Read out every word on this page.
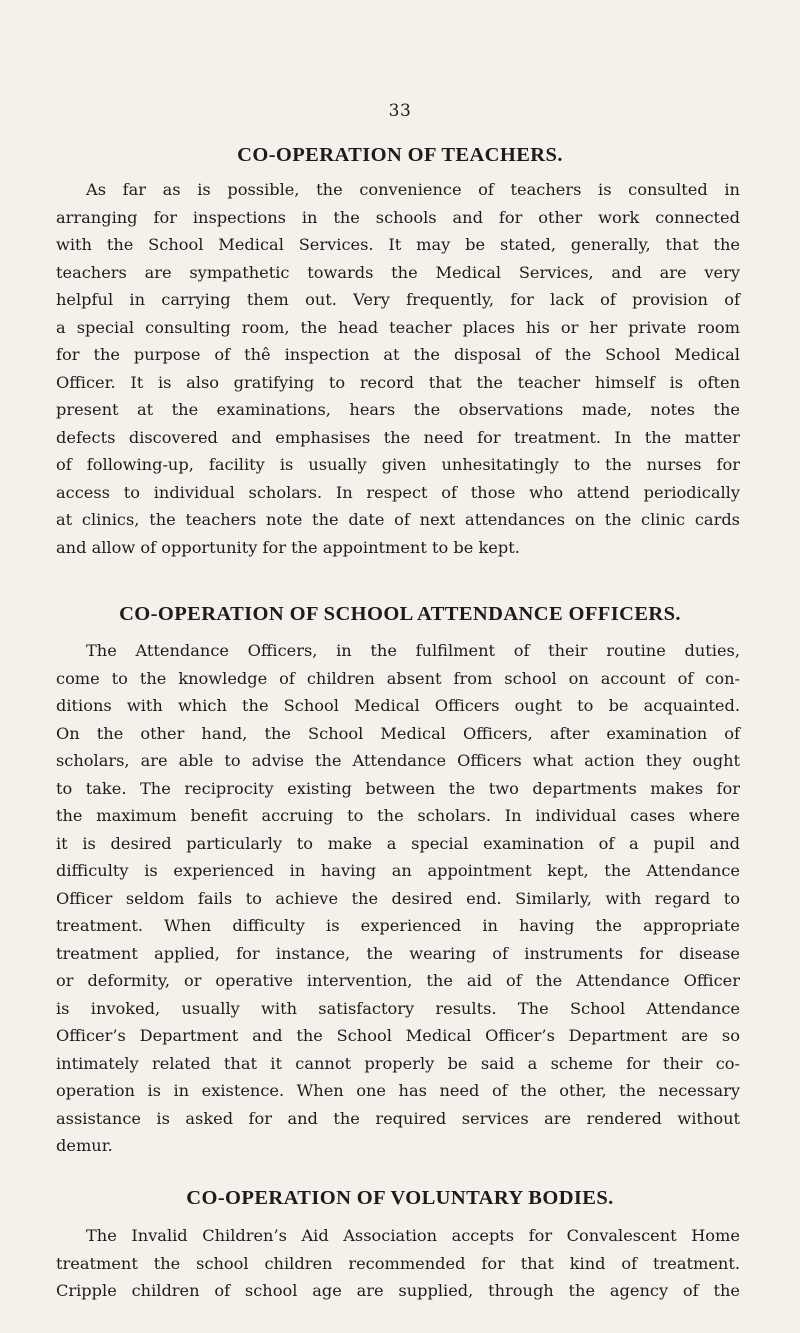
33
CO-OPERATION OF TEACHERS.
As far as is possible, the convenience of teachers is consulted in
arranging for inspections in the schools and for other work connected
with the School Medical Services. It may be stated, generally, that the
teachers are sympathetic towards the Medical Services, and are very
helpful in carrying them out. Very frequently, for lack of provision of
a special consulting room, the head teacher places his or her private room
for the purpose of thê inspection at the disposal of the School Medical
Officer. It is also gratifying to record that the teacher himself is often
present at the examinations, hears the observations made, notes the
defects discovered and emphasises the need for treatment. In the matter
of following-up, facility is usually given unhesitatingly to the nurses for
access to individual scholars. In respect of those who attend periodically
at clinics, the teachers note the date of next attendances on the clinic cards
and allow of opportunity for the appointment to be kept.
CO-OPERATION OF SCHOOL ATTENDANCE OFFICERS.
The Attendance Officers, in the fulfilment of their routine duties,
come to the knowledge of children absent from school on account of con-
ditions with which the School Medical Officers ought to be acquainted.
On the other hand, the School Medical Officers, after examination of
scholars, are able to advise the Attendance Officers what action they ought
to take. The reciprocity existing between the two departments makes for
the maximum benefit accruing to the scholars. In individual cases where
it is desired particularly to make a special examination of a pupil and
difficulty is experienced in having an appointment kept, the Attendance
Officer seldom fails to achieve the desired end. Similarly, with regard to
treatment. When difficulty is experienced in having the appropriate
treatment applied, for instance, the wearing of instruments for disease
or deformity, or operative intervention, the aid of the Attendance Officer
is invoked, usually with satisfactory results. The School Attendance
Officer’s Department and the School Medical Officer’s Department are so
intimately related that it cannot properly be said a scheme for their co-
operation is in existence. When one has need of the other, the necessary
assistance is asked for and the required services are rendered without
demur.
CO-OPERATION OF VOLUNTARY BODIES.
The Invalid Children’s Aid Association accepts for Convalescent Home
treatment the school children recommended for that kind of treatment.
Cripple children of school age are supplied, through the agency of the
